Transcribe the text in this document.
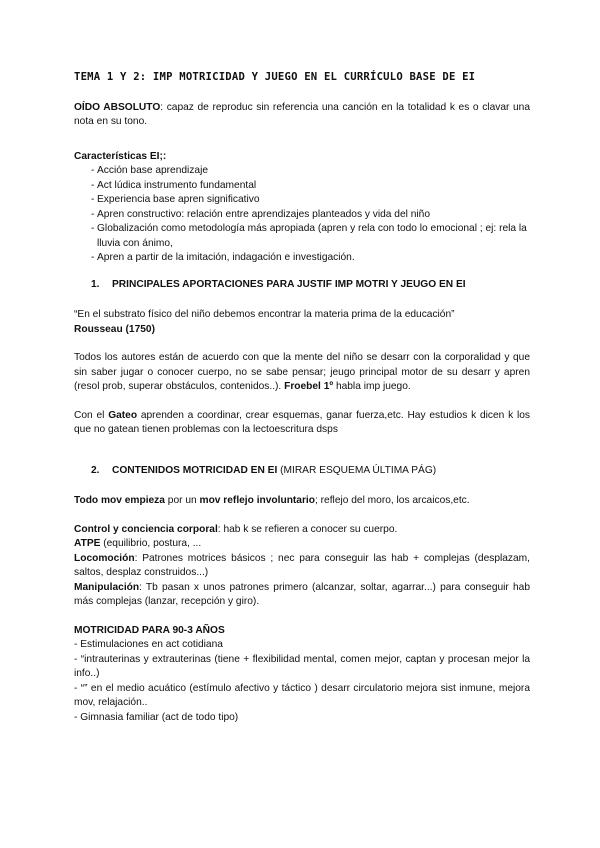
TEMA 1 Y 2: IMP MOTRICIDAD Y JUEGO EN EL CURRÍCULO BASE DE EI

OÍDO ABSOLUTO: capaz de reproduc sin referencia una canción en la totalidad k es o clavar una nota en su tono.

Características EI;:

- Acción base aprendizaje
- Act lúdica instrumento fundamental
- Experiencia base apren significativo
- Apren constructivo: relación entre aprendizajes planteados y vida del niño
- Globalización como metodología más apropiada (apren y rela con todo lo emocional ; ej: rela la lluvia con ánimo,
- Apren a partir de la imitación, indagación e investigación.
1. PRINCIPALES APORTACIONES PARA JUSTIF IMP MOTRI Y JEUGO EN EI

“En el substrato físico del niño debemos encontrar la materia prima de la educación”
Rousseau (1750)

Todos los autores están de acuerdo con que la mente del niño se desarr con la corporalidad y que sin saber jugar o conocer cuerpo, no se sabe pensar; jeugo principal motor de su desarr y apren (resol prob, superar obstáculos, contenidos..). Froebel 1º habla imp juego.

Con el Gateo aprenden a coordinar, crear esquemas, ganar fuerza,etc. Hay estudios k dicen k los que no gatean tienen problemas con la lectoescritura dsps

2. CONTENIDOS MOTRICIDAD EN EI (MIRAR ESQUEMA ÚLTIMA PÁG)

Todo mov empieza por un mov reflejo involuntario; reflejo del moro, los arcaicos,etc.

Control y conciencia corporal: hab k se refieren a conocer su cuerpo.
ATPE (equilibrio, postura, ...
Locomoción: Patrones motrices básicos ; nec para conseguir las hab + complejas (desplazam, saltos, desplaz construidos...)
Manipulación: Tb pasan x unos patrones primero (alcanzar, soltar, agarrar...) para conseguir hab más complejas (lanzar, recepción y giro).
MOTRICIDAD PARA 90-3 AÑOS
- Estimulaciones en act cotidiana
- “intrauterinas y extrauterinas (tiene + flexibilidad mental, comen mejor, captan y procesan mejor la info..)
- “” en el medio acuático (estímulo afectivo y táctico ) desarr circulatorio mejora sist inmune, mejora mov, relajación..
- Gimnasia familiar (act de todo tipo)
